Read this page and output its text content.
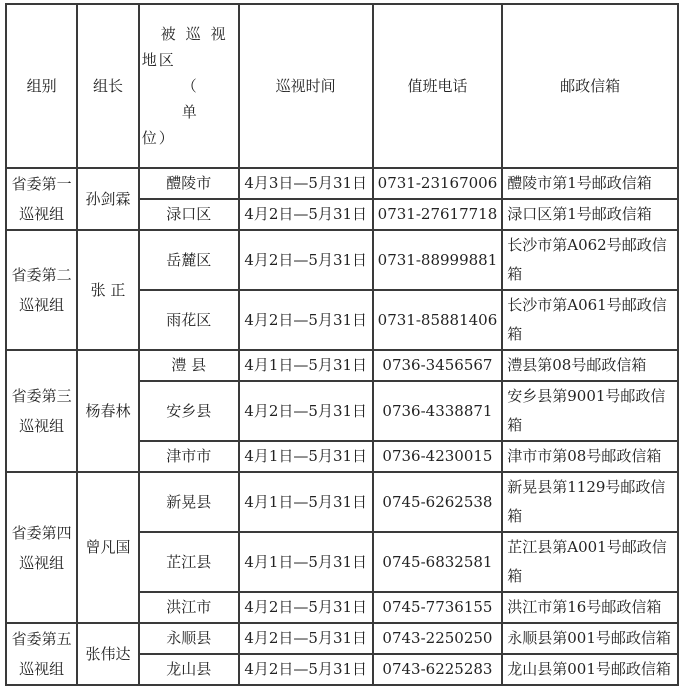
组别	组长	被巡视
地区
（　　单
位）	巡视时间	值班电话	邮政信箱
省委第一巡视组	孙剑霖	醴陵市	4月3日—5月31日	0731-23167006	醴陵市第1号邮政信箱
		渌口区	4月2日—5月31日	0731-27617718	渌口区第1号邮政信箱
省委第二巡视组	张 正	岳麓区	4月2日—5月31日	0731-88999881	长沙市第A062号邮政信箱
		雨花区	4月2日—5月31日	0731-85881406	长沙市第A061号邮政信箱
省委第三巡视组	杨春林	澧 县	4月1日—5月31日	0736-3456567	澧县第08号邮政信箱
		安乡县	4月2日—5月31日	0736-4338871	安乡县第9001号邮政信箱
		津市市	4月1日—5月31日	0736-4230015	津市市第08号邮政信箱
省委第四巡视组	曾凡国	新晃县	4月1日—5月31日	0745-6262538	新晃县第1129号邮政信箱
		芷江县	4月1日—5月31日	0745-6832581	芷江县第A001号邮政信箱
		洪江市	4月2日—5月31日	0745-7736155	洪江市第16号邮政信箱
省委第五巡视组	张伟达	永顺县	4月2日—5月31日	0743-2250250	永顺县第001号邮政信箱
		龙山县	4月2日—5月31日	0743-6225283	龙山县第001号邮政信箱
